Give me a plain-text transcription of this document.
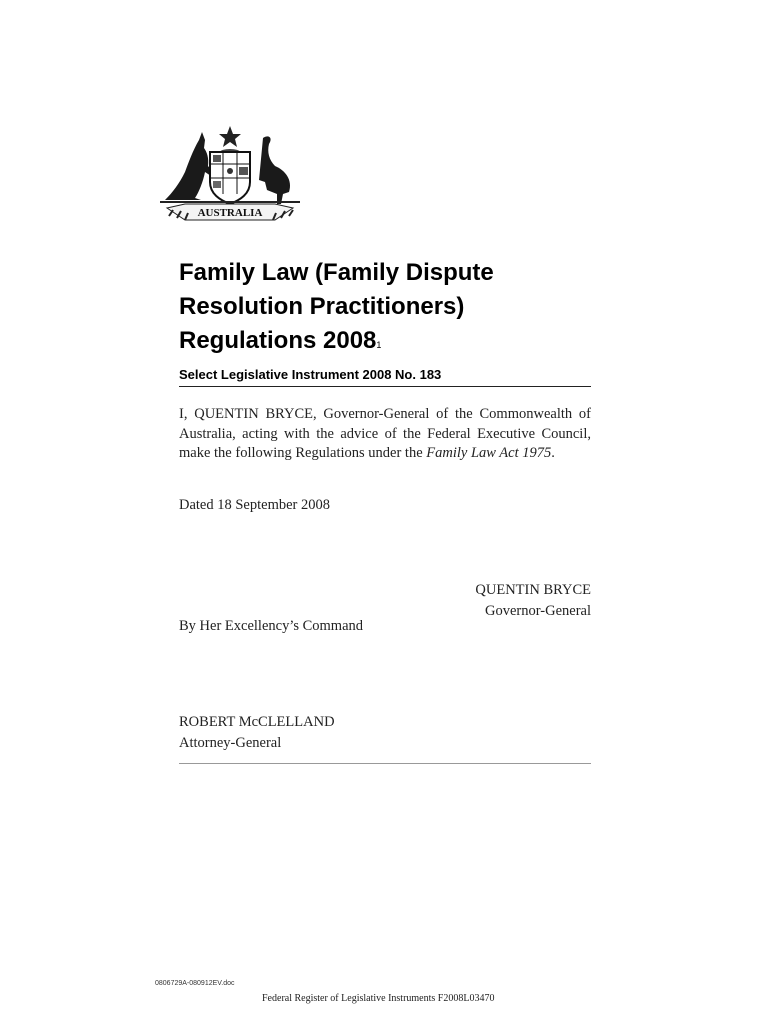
AUSTRALIA
Family Law (Family Dispute
Resolution Practitioners)
Regulations 2008$^1$
Select Legislative Instrument 2008 No. 183
I, QUENTIN BRYCE, Governor-General of the Commonwealth of Australia, acting with the advice of the Federal Executive Council, make the following Regulations under the Family Law Act 1975.
Dated 18 September 2008
QUENTIN BRYCE
Governor-General
By Her Excellency’s Command
ROBERT McCLELLAND
Attorney-General
0806729A-080912EV.doc
Federal Register of Legislative Instruments F2008L03470
